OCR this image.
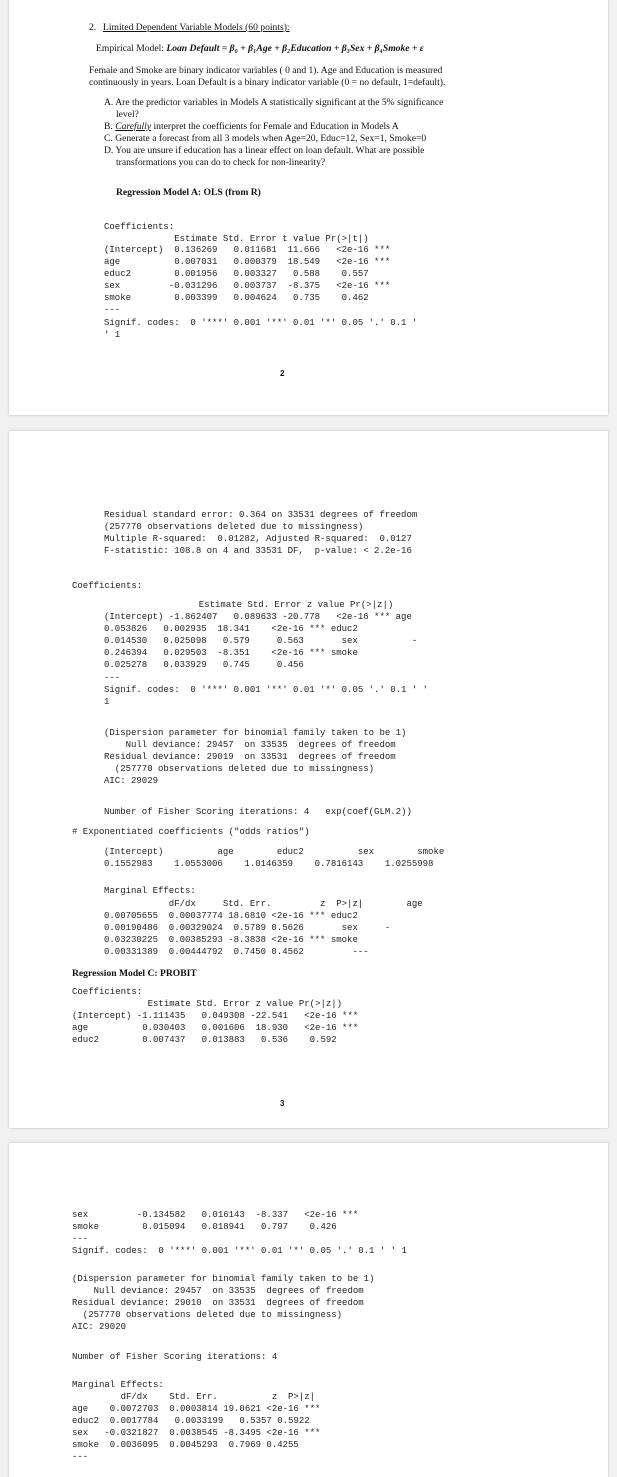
2. Limited Dependent Variable Models (60 points):
Empirical Model: Loan Default = β₀ + β₁Age + β₂Education + β₃Sex + β₄Smoke + ε
Female and Smoke are binary indicator variables ( 0 and 1). Age and Education is measured
continuously in years. Loan Default is a binary indicator variable (0 = no default, 1=default).
A. Are the predictor variables in Models A statistically significant at the 5% significance
level?
B. Carefully interpret the coefficients for Female and Education in Models A
C. Generate a forecast from all 3 models when Age=20, Educ=12, Sex=1, Smoke=0
D. You are unsure if education has a linear effect on loan default. What are possible
transformations you can do to check for non-linearity?
Regression Model A: OLS (from R)
Coefficients:
Estimate Std. Error t value Pr(>|t|)
(Intercept)  0.136269   0.011681  11.666   <2e-16 ***
age          0.007031   0.000379  18.549   <2e-16 ***
educ2        0.001956   0.003327   0.588    0.557
sex         -0.031296   0.003737  -8.375   <2e-16 ***
smoke        0.003399   0.004624   0.735    0.462
---
Signif. codes:  0 '***' 0.001 '**' 0.01 '*' 0.05 '.' 0.1 '
' 1
2
Residual standard error: 0.364 on 33531 degrees of freedom
(257770 observations deleted due to missingness)
Multiple R-squared:  0.01282, Adjusted R-squared:  0.0127
F-statistic: 108.8 on 4 and 33531 DF,  p-value: < 2.2e-16
Coefficients:
Estimate Std. Error z value Pr(>|z|)
(Intercept) -1.862407   0.089633 -20.778   <2e-16 *** age
0.053826   0.002935  18.341    <2e-16 *** educ2
0.014530   0.025098   0.579     0.563       sex          -
0.246394   0.029503  -8.351    <2e-16 *** smoke
0.025278   0.033929   0.745     0.456
---
Signif. codes:  0 '***' 0.001 '**' 0.01 '*' 0.05 '.' 0.1 ' '
1
(Dispersion parameter for binomial family taken to be 1)
Null deviance: 29457  on 33535  degrees of freedom
Residual deviance: 29019  on 33531  degrees of freedom
(257770 observations deleted due to missingness)
AIC: 29029
Number of Fisher Scoring iterations: 4   exp(coef(GLM.2))
# Exponentiated coefficients ("odds ratios")
(Intercept)          age        educ2          sex        smoke
0.1552983    1.0553006    1.0146359    0.7816143    1.0255998
Marginal Effects:
dF/dx     Std. Err.         z  P>|z|        age
0.00705655  0.00037774 18.6810 <2e-16 *** educ2
0.00190486  0.00329024  0.5789 0.5626       sex     -
0.03230225  0.00385293 -8.3838 <2e-16 *** smoke
0.00331389  0.00444792  0.7450 0.4562         ---
Regression Model C: PROBIT
Coefficients:
Estimate Std. Error z value Pr(>|z|)
(Intercept) -1.111435   0.049308 -22.541   <2e-16 ***
age          0.030403   0.001606  18.930   <2e-16 ***
educ2        0.007437   0.013883   0.536    0.592
3
sex         -0.134582   0.016143  -8.337   <2e-16 ***
smoke        0.015094   0.018941   0.797    0.426
---
Signif. codes:  0 '***' 0.001 '**' 0.01 '*' 0.05 '.' 0.1 ' ' 1
(Dispersion parameter for binomial family taken to be 1)
Null deviance: 29457  on 33535  degrees of freedom
Residual deviance: 29010  on 33531  degrees of freedom
(257770 observations deleted due to missingness)
AIC: 29020
Number of Fisher Scoring iterations: 4
Marginal Effects:
dF/dx    Std. Err.          z  P>|z|
age    0.0072703  0.0003814 19.0621 <2e-16 ***
educ2  0.0017784   0.0033199   0.5357 0.5922
sex   -0.0321827  0.0038545 -8.3495 <2e-16 ***
smoke  0.0036095  0.0045293  0.7969 0.4255
---
